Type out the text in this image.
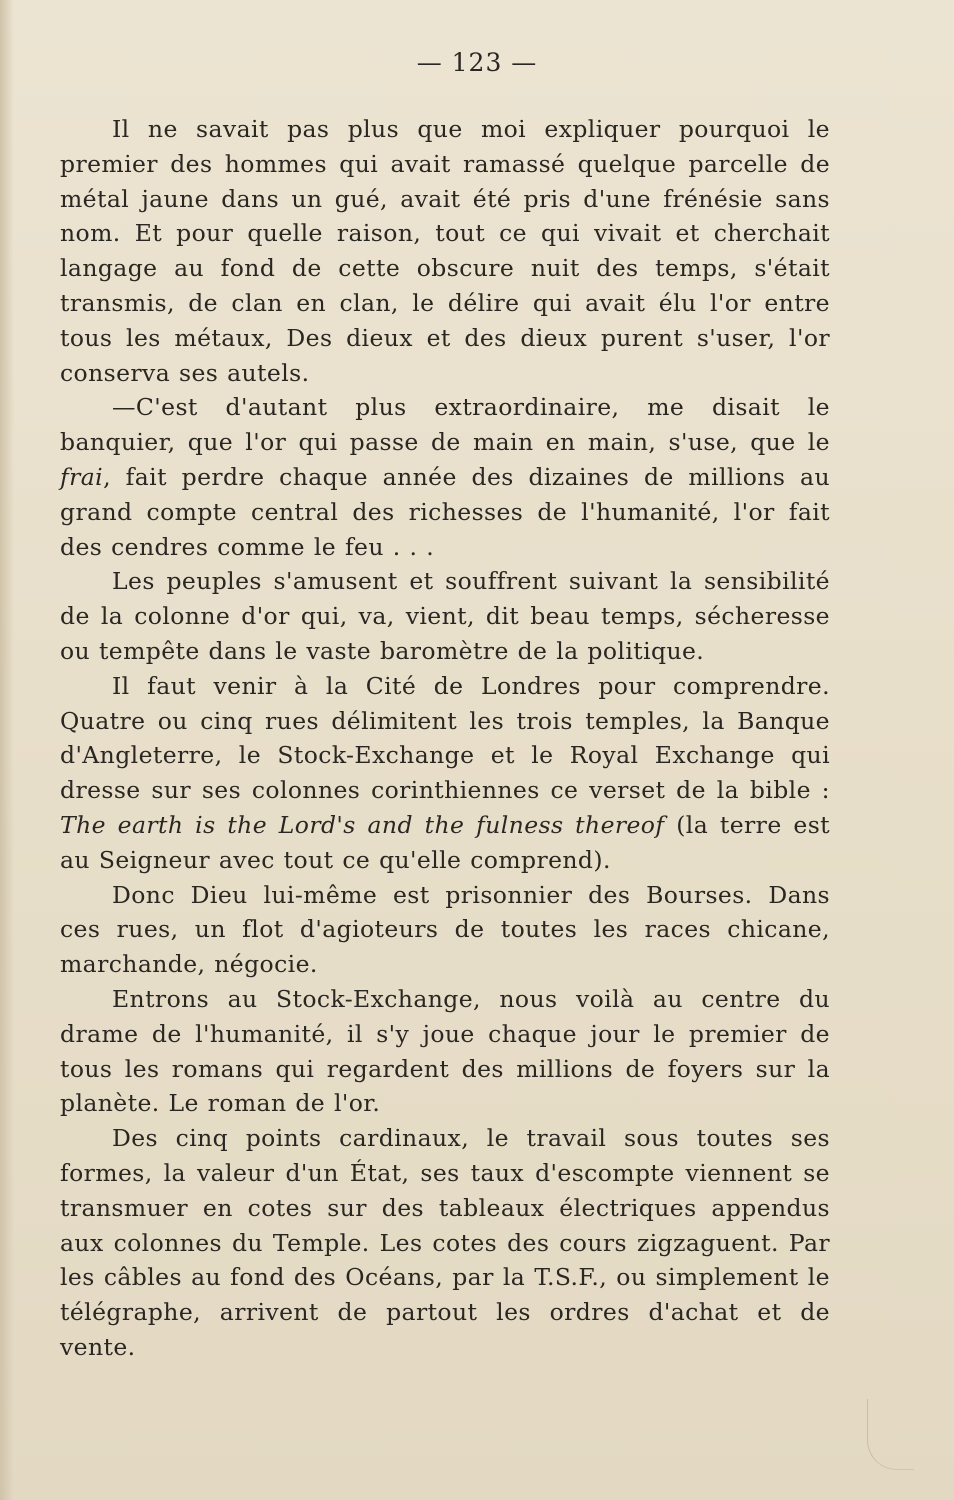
— 123 —

Il ne savait pas plus que moi expliquer pourquoi le premier des hommes qui avait ramassé quelque parcelle de métal jaune dans un gué, avait été pris d'une frénésie sans nom. Et pour quelle raison, tout ce qui vivait et cherchait langage au fond de cette obscure nuit des temps, s'était transmis, de clan en clan, le délire qui avait élu l'or entre tous les métaux, Des dieux et des dieux purent s'user, l'or conserva ses autels.

—C'est d'autant plus extraordinaire, me disait le banquier, que l'or qui passe de main en main, s'use, que le frai, fait perdre chaque année des dizaines de millions au grand compte central des richesses de l'humanité, l'or fait des cendres comme le feu . . .

Les peuples s'amusent et souffrent suivant la sensibilité de la colonne d'or qui, va, vient, dit beau temps, sécheresse ou tempête dans le vaste baromètre de la politique.

Il faut venir à la Cité de Londres pour comprendre. Quatre ou cinq rues délimitent les trois temples, la Banque d'Angleterre, le Stock-Exchange et le Royal Exchange qui dresse sur ses colonnes corinthiennes ce verset de la bible : The earth is the Lord's and the fulness thereof (la terre est au Seigneur avec tout ce qu'elle comprend).

Donc Dieu lui-même est prisonnier des Bourses. Dans ces rues, un flot d'agioteurs de toutes les races chicane, marchande, négocie.

Entrons au Stock-Exchange, nous voilà au centre du drame de l'humanité, il s'y joue chaque jour le premier de tous les romans qui regardent des millions de foyers sur la planète. Le roman de l'or.

Des cinq points cardinaux, le travail sous toutes ses formes, la valeur d'un État, ses taux d'escompte viennent se transmuer en cotes sur des tableaux électriques appendus aux colonnes du Temple. Les cotes des cours zigzaguent. Par les câbles au fond des Océans, par la T.S.F., ou simplement le télégraphe, arrivent de partout les ordres d'achat et de vente.
